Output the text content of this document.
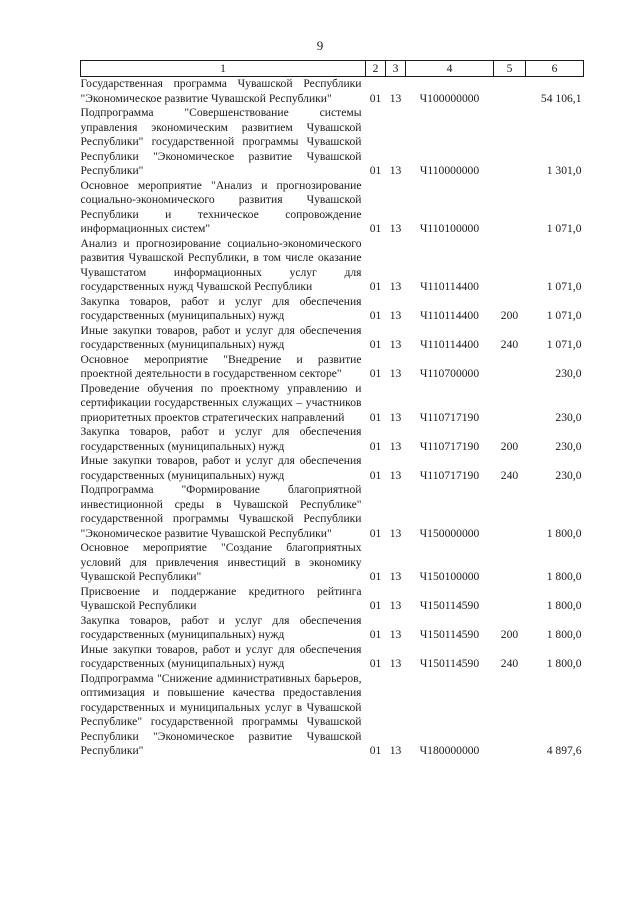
9
1	2	3	4	5	6
Государственная программа Чувашской Республики "Экономическое развитие Чувашской Республики"	01	13	Ч100000000		54 106,1
Подпрограмма "Совершенствование системы управления экономическим развитием Чувашской Республики" государственной программы Чувашской Республики "Экономическое развитие Чувашской Республики"	01	13	Ч110000000		1 301,0
Основное мероприятие "Анализ и прогнозирование социально-экономического развития Чувашской Республики и техническое сопровождение информационных систем"	01	13	Ч110100000		1 071,0
Анализ и прогнозирование социально-экономического развития Чувашской Республики, в том числе оказание Чувашстатом информационных услуг для государственных нужд Чувашской Республики	01	13	Ч110114400		1 071,0
Закупка товаров, работ и услуг для обеспечения государственных (муниципальных) нужд	01	13	Ч110114400	200	1 071,0
Иные закупки товаров, работ и услуг для обеспечения государственных (муниципальных) нужд	01	13	Ч110114400	240	1 071,0
Основное мероприятие "Внедрение и развитие проектной деятельности в государственном секторе"	01	13	Ч110700000		230,0
Проведение обучения по проектному управлению и сертификации государственных служащих – участников приоритетных проектов стратегических направлений	01	13	Ч110717190		230,0
Закупка товаров, работ и услуг для обеспечения государственных (муниципальных) нужд	01	13	Ч110717190	200	230,0
Иные закупки товаров, работ и услуг для обеспечения государственных (муниципальных) нужд	01	13	Ч110717190	240	230,0
Подпрограмма "Формирование благоприятной инвестиционной среды в Чувашской Республике" государственной программы Чувашской Республики "Экономическое развитие Чувашской Республики"	01	13	Ч150000000		1 800,0
Основное мероприятие "Создание благоприятных условий для привлечения инвестиций в экономику Чувашской Республики"	01	13	Ч150100000		1 800,0
Присвоение и поддержание кредитного рейтинга Чувашской Республики	01	13	Ч150114590		1 800,0
Закупка товаров, работ и услуг для обеспечения государственных (муниципальных) нужд	01	13	Ч150114590	200	1 800,0
Иные закупки товаров, работ и услуг для обеспечения государственных (муниципальных) нужд	01	13	Ч150114590	240	1 800,0
Подпрограмма "Снижение административных барьеров, оптимизация и повышение качества предоставления государственных и муниципальных услуг в Чувашской Республике" государственной программы Чувашской Республики "Экономическое развитие Чувашской Республики"	01	13	Ч180000000		4 897,6
